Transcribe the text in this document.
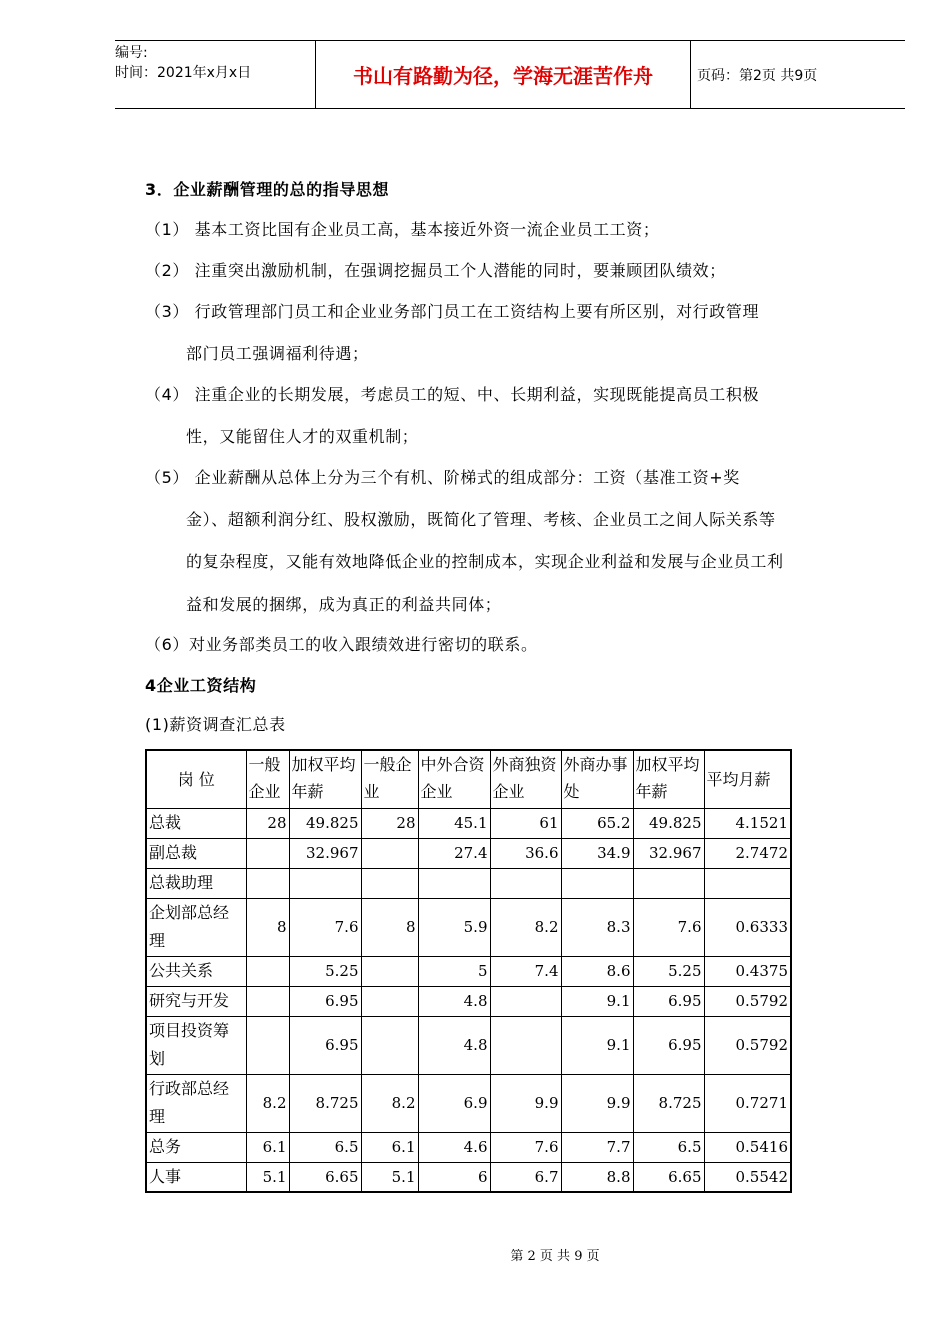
编号:
时间：2021年x月x日	书山有路勤为径，学海无涯苦作舟	页码：第2页 共9页
3．企业薪酬管理的总的指导思想
（1） 基本工资比国有企业员工高，基本接近外资一流企业员工工资；
（2） 注重突出激励机制，在强调挖掘员工个人潜能的同时，要兼顾团队绩效；
（3） 行政管理部门员工和企业业务部门员工在工资结构上要有所区别，对行政管理
部门员工强调福利待遇；
（4） 注重企业的长期发展，考虑员工的短、中、长期利益，实现既能提高员工积极
性，又能留住人才的双重机制；
（5） 企业薪酬从总体上分为三个有机、阶梯式的组成部分：工资（基准工资+奖
金）、超额利润分红、股权激励，既简化了管理、考核、企业员工之间人际关系等
的复杂程度，又能有效地降低企业的控制成本，实现企业利益和发展与企业员工利
益和发展的捆绑，成为真正的利益共同体；
（6）对业务部类员工的收入跟绩效进行密切的联系。
4企业工资结构
(1)薪资调查汇总表
岗 位	一般企业	加权平均年薪	一般企业	中外合资企业	外商独资企业	外商办事处	加权平均年薪	平均月薪
总裁	28	49.825	28	45.1	61	65.2	49.825	4.1521
副总裁		32.967		27.4	36.6	34.9	32.967	2.7472
总裁助理								
企划部总经理	8	7.6	8	5.9	8.2	8.3	7.6	0.6333
公共关系		5.25		5	7.4	8.6	5.25	0.4375
研究与开发		6.95		4.8		9.1	6.95	0.5792
项目投资筹划		6.95		4.8		9.1	6.95	0.5792
行政部总经理	8.2	8.725	8.2	6.9	9.9	9.9	8.725	0.7271
总务	6.1	6.5	6.1	4.6	7.6	7.7	6.5	0.5416
人事	5.1	6.65	5.1	6	6.7	8.8	6.65	0.5542
第 2 页 共 9 页
